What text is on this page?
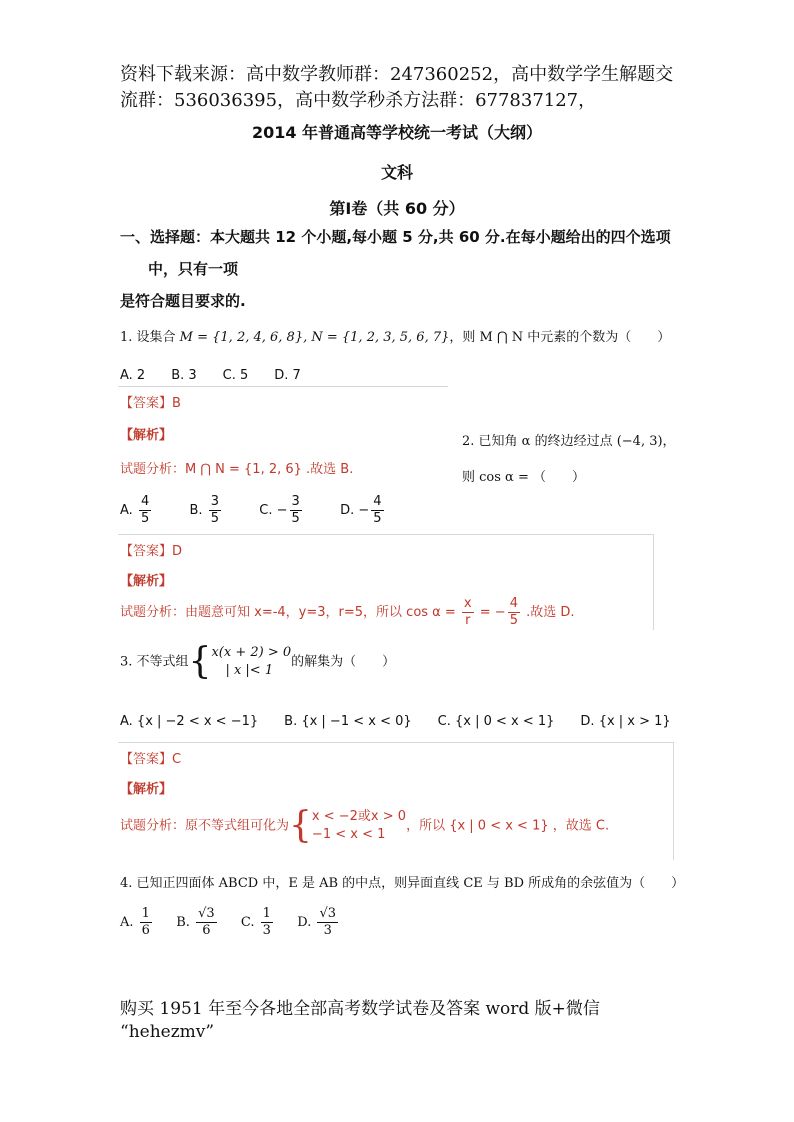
资料下载来源：高中数学教师群：247360252，高中数学学生解题交
流群：536036395，高中数学秒杀方法群：677837127，
2014 年普通高等学校统一考试（大纲）
文科
第Ⅰ卷（共 60 分）
一、选择题：本大题共 12 个小题,每小题 5 分,共 60 分.在每小题给出的四个选项
中，只有一项
是符合题目要求的.
1. 设集合 M = {1, 2, 4, 6, 8}, N = {1, 2, 3, 5, 6, 7}，则 M ⋂ N 中元素的个数为（　　）
A. 2　　B. 3　　C. 5　　D. 7
【答案】B
【解析】
试题分析：M ⋂ N = {1, 2, 6} .故选 B.
2. 已知角 α 的终边经过点 (−4, 3)，
则 cos α = （　　）
A. $\frac{4}{5}$	B. $\frac{3}{5}$	C. − $\frac{3}{5}$	D. − $\frac{4}{5}$
【答案】D
【解析】
试题分析：由题意可知 x=-4，y=3，r=5，所以 $\cos \alpha = \frac{x}{r}$ = − $\frac{4}{5}$ .故选 D.
3. 不等式组{ x(x + 2) > 0
| x |< 1
的解集为（　　）
A. {x | −2 < x < −1}　　B. {x | −1 < x < 0}　　C. {x | 0 < x < 1}　　D. {x | x > 1}
【答案】C
【解析】
试题分析：原不等式组可化为{ x < −2或x > 0
−1 < x < 1
，所以 {x | 0 < x < 1} ，故选 C.
4. 已知正四面体 ABCD 中，E 是 AB 的中点，则异面直线 CE 与 BD 所成角的余弦值为（　　）
A. $\frac{1}{6} B$. $\frac{√3}{6} C$. $\frac{1}{3} D$. $\frac{√3}{3}$
购买 1951 年至今各地全部高考数学试卷及答案 word 版+微信
“hehezmv”
